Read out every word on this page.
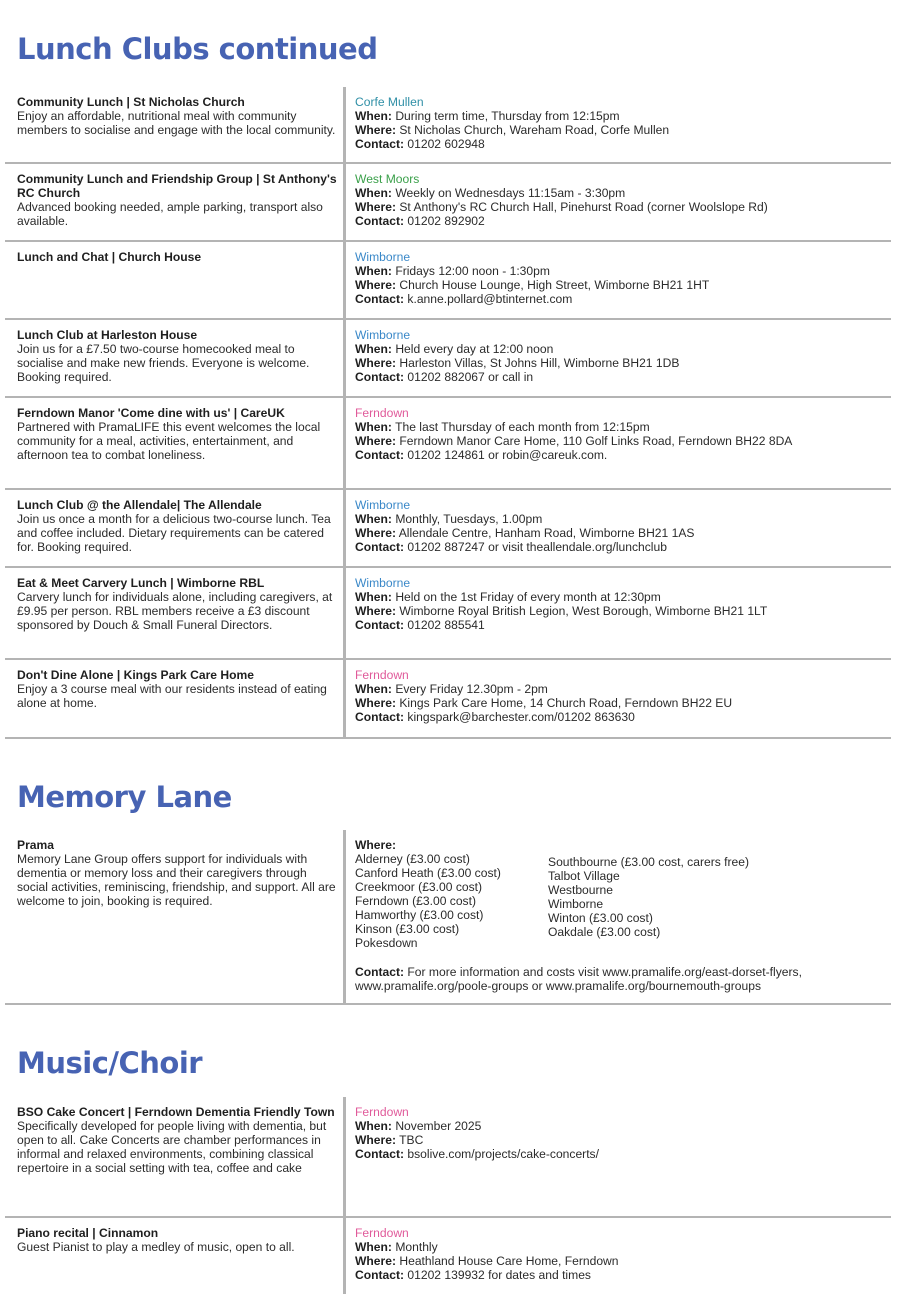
Lunch Clubs continued
Community Lunch | St Nicholas Church
Enjoy an affordable, nutritional meal with community members to socialise and engage with the local community.
Corfe Mullen
When: During term time, Thursday from 12:15pm
Where: St Nicholas Church, Wareham Road, Corfe Mullen
Contact: 01202 602948
Community Lunch and Friendship Group | St Anthony's RC Church
Advanced booking needed, ample parking, transport also available.
West Moors
When: Weekly on Wednesdays 11:15am - 3:30pm
Where: St Anthony's RC Church Hall, Pinehurst Road (corner Woolslope Rd)
Contact: 01202 892902
Lunch and Chat | Church House	Wimborne
When: Fridays 12:00 noon - 1:30pm
Where: Church House Lounge, High Street, Wimborne BH21 1HT
Contact: k.anne.pollard@btinternet.com
Lunch Club at Harleston House
Join us for a £7.50 two-course homecooked meal to socialise and make new friends. Everyone is welcome. Booking required.
Wimborne
When: Held every day at 12:00 noon
Where: Harleston Villas, St Johns Hill, Wimborne BH21 1DB
Contact: 01202 882067 or call in
Ferndown Manor 'Come dine with us' | CareUK
Partnered with PramaLIFE this event welcomes the local community for a meal, activities, entertainment, and afternoon tea to combat loneliness.
Ferndown
When: The last Thursday of each month from 12:15pm
Where: Ferndown Manor Care Home, 110 Golf Links Road, Ferndown BH22 8DA
Contact: 01202 124861 or robin@careuk.com.
Lunch Club @ the Allendale| The Allendale
Join us once a month for a delicious two-course lunch. Tea and coffee included. Dietary requirements can be catered for. Booking required.
Wimborne
When: Monthly, Tuesdays, 1.00pm
Where: Allendale Centre, Hanham Road, Wimborne BH21 1AS
Contact: 01202 887247 or visit theallendale.org/lunchclub
Eat & Meet Carvery Lunch | Wimborne RBL
Carvery lunch for individuals alone, including caregivers, at £9.95 per person. RBL members receive a £3 discount sponsored by Douch & Small Funeral Directors.
Wimborne
When: Held on the 1st Friday of every month at 12:30pm
Where: Wimborne Royal British Legion, West Borough, Wimborne BH21 1LT
Contact: 01202 885541
Don't Dine Alone | Kings Park Care Home
Enjoy a 3 course meal with our residents instead of eating alone at home.
Ferndown
When: Every Friday 12.30pm - 2pm
Where: Kings Park Care Home, 14 Church Road, Ferndown BH22 EU
Contact: kingspark@barchester.com/01202 863630
Memory Lane
Prama
Memory Lane Group offers support for individuals with dementia or memory loss and their caregivers through social activities, reminiscing, friendship, and support. All are welcome to join, booking is required.
Where:
Alderney (£3.00 cost)
Canford Heath (£3.00 cost)
Creekmoor (£3.00 cost)
Ferndown (£3.00 cost)
Hamworthy (£3.00 cost)
Kinson (£3.00 cost)
Pokesdown
Southbourne (£3.00 cost, carers free)
Talbot Village
Westbourne
Wimborne
Winton (£3.00 cost)
Oakdale (£3.00 cost)
Contact: For more information and costs visit www.pramalife.org/east-dorset-flyers,
www.pramalife.org/poole-groups or www.pramalife.org/bournemouth-groups
Music/Choir
BSO Cake Concert | Ferndown Dementia Friendly Town
Specifically developed for people living with dementia, but open to all. Cake Concerts are chamber performances in informal and relaxed environments, combining classical repertoire in a social setting with tea, coffee and cake
Ferndown
When: November 2025
Where: TBC
Contact: bsolive.com/projects/cake-concerts/
Piano recital | Cinnamon
Guest Pianist to play a medley of music, open to all.
Ferndown
When: Monthly
Where: Heathland House Care Home, Ferndown
Contact: 01202 139932 for dates and times
